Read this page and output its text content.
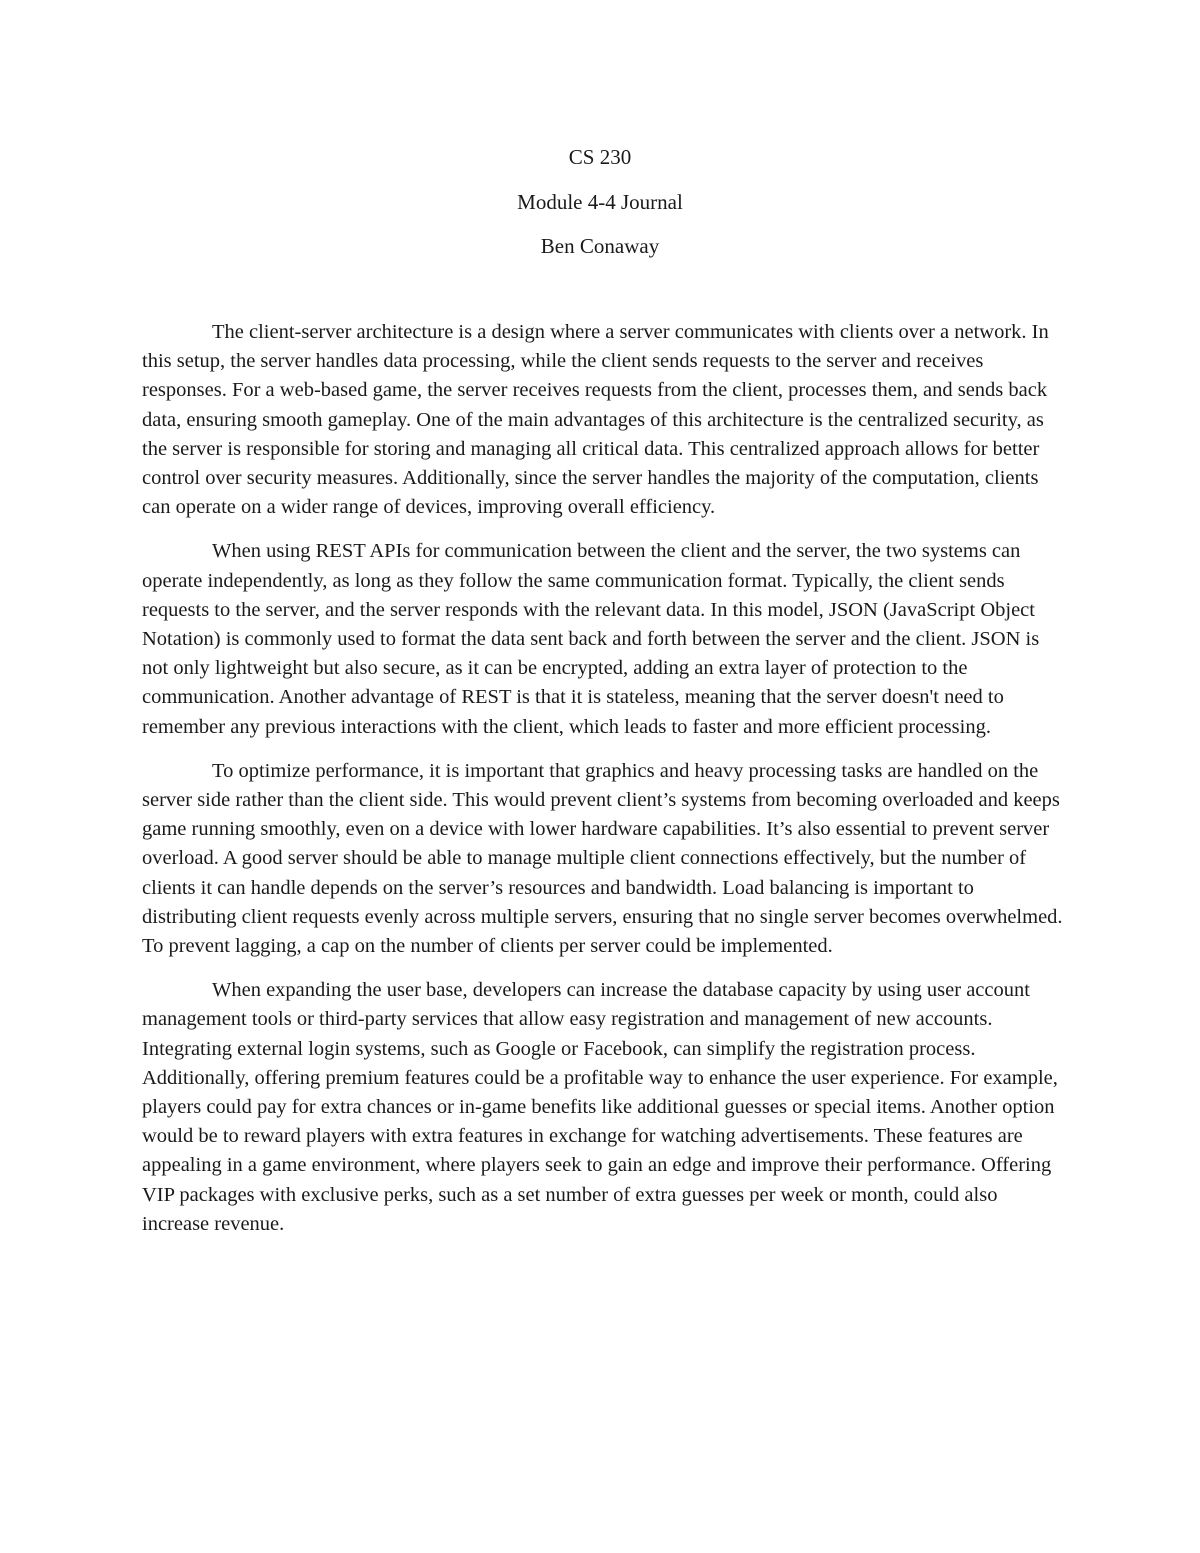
CS 230
Module 4-4 Journal
Ben Conaway

The client-server architecture is a design where a server communicates with clients over a network. In this setup, the server handles data processing, while the client sends requests to the server and receives responses. For a web-based game, the server receives requests from the client, processes them, and sends back data, ensuring smooth gameplay. One of the main advantages of this architecture is the centralized security, as the server is responsible for storing and managing all critical data. This centralized approach allows for better control over security measures. Additionally, since the server handles the majority of the computation, clients can operate on a wider range of devices, improving overall efficiency.

When using REST APIs for communication between the client and the server, the two systems can operate independently, as long as they follow the same communication format. Typically, the client sends requests to the server, and the server responds with the relevant data. In this model, JSON (JavaScript Object Notation) is commonly used to format the data sent back and forth between the server and the client. JSON is not only lightweight but also secure, as it can be encrypted, adding an extra layer of protection to the communication. Another advantage of REST is that it is stateless, meaning that the server doesn't need to remember any previous interactions with the client, which leads to faster and more efficient processing.

To optimize performance, it is important that graphics and heavy processing tasks are handled on the server side rather than the client side. This would prevent client’s systems from becoming overloaded and keeps game running smoothly, even on a device with lower hardware capabilities. It’s also essential to prevent server overload. A good server should be able to manage multiple client connections effectively, but the number of clients it can handle depends on the server’s resources and bandwidth. Load balancing is important to distributing client requests evenly across multiple servers, ensuring that no single server becomes overwhelmed. To prevent lagging, a cap on the number of clients per server could be implemented.

When expanding the user base, developers can increase the database capacity by using user account management tools or third-party services that allow easy registration and management of new accounts. Integrating external login systems, such as Google or Facebook, can simplify the registration process. Additionally, offering premium features could be a profitable way to enhance the user experience. For example, players could pay for extra chances or in-game benefits like additional guesses or special items. Another option would be to reward players with extra features in exchange for watching advertisements. These features are appealing in a game environment, where players seek to gain an edge and improve their performance. Offering VIP packages with exclusive perks, such as a set number of extra guesses per week or month, could also increase revenue.
